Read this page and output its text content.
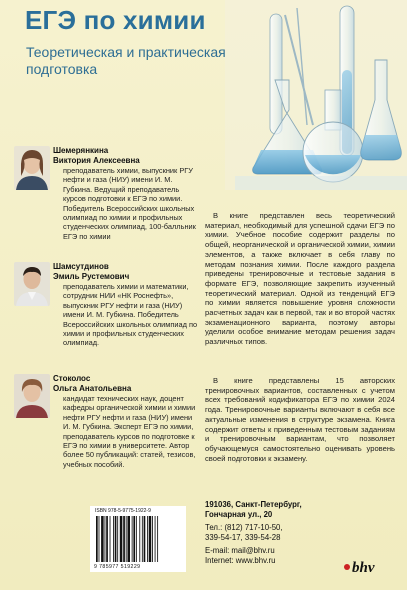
ЕГЭ по химии
Теоретическая и практическая подготовка
Шемерянкина
Виктория Алексеевна
преподаватель химии, выпускник РГУ нефти и газа (НИУ) имени И. М. Губкина. Ведущий преподаватель курсов подготовки к ЕГЭ по химии. Победитель Всероссийских школьных олимпиад по химии и профильных студенческих олимпиад, 100-балльник ЕГЭ по химии
Шамсутдинов
Эмиль Рустемович
преподаватель химии и математики, сотрудник НИИ «НК Роснефть», выпускник РГУ нефти и газа (НИУ) имени И. М. Губкина. Победитель Всероссийских школьных олимпиад по химии и профильных студенческих олимпиад.
Стоколос
Ольга Анатольевна
кандидат технических наук, доцент кафедры органической химии и химии нефти РГУ нефти и газа (НИУ) имени И. М. Губкина. Эксперт ЕГЭ по химии, преподаватель курсов по подготовке к ЕГЭ по химии в университете. Автор более 50 публикаций: статей, тезисов, учебных пособий.
В книге представлен весь теоретический материал, необходимый для успешной сдачи ЕГЭ по химии. Учебное пособие содержит разделы по общей, неорганической и органической химии, химии элементов, а также включает в себя главу по методам познания химии. После каждого раздела приведены тренировочные и тестовые задания в формате ЕГЭ, позволяющие закрепить изученный теоретический материал. Одной из тенденций ЕГЭ по химии является повышение уровня сложности расчетных задач как в первой, так и во второй частях экзаменационного варианта, поэтому авторы уделили особое внимание методам решения задач различных типов.
В книге представлены 15 авторских тренировочных вариантов, составленных с учетом всех требований кодификатора ЕГЭ по химии 2024 года. Тренировочные варианты включают в себя все актуальные изменения в структуре экзамена. Книга содержит ответы к приведенным тестовым заданиям и тренировочным вариантам, что позволяет обучающемуся самостоятельно оценивать уровень своей подготовки к экзамену.
ISBN 978-5-9775-1922-9
9 785977 519229
191036, Санкт-Петербург,
Гончарная ул., 20
Тел.: (812) 717-10-50,
339-54-17, 339-54-28
E-mail: mail@bhv.ru
Internet: www.bhv.ru	bhv
